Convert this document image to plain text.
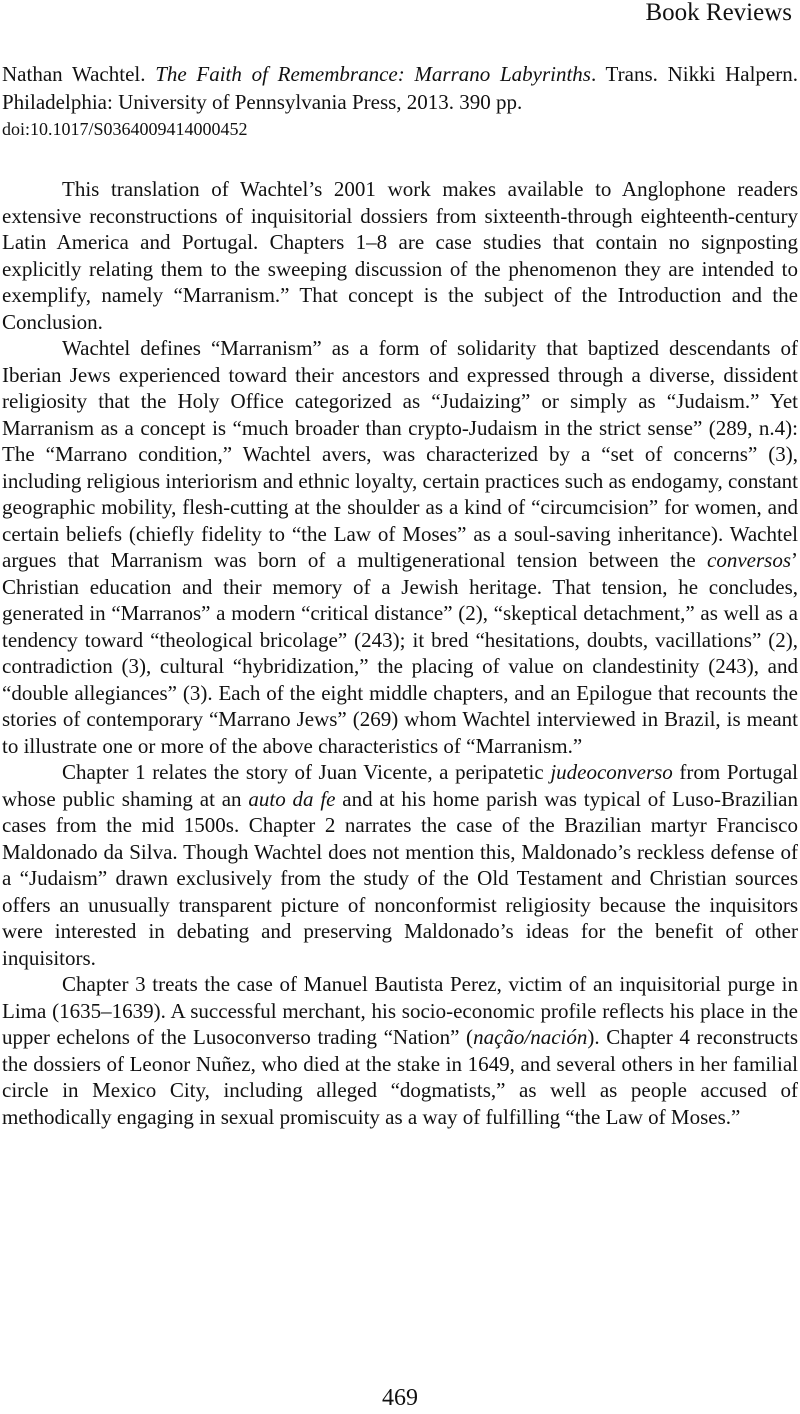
Book Reviews
Nathan Wachtel. The Faith of Remembrance: Marrano Labyrinths. Trans. Nikki Halpern. Philadelphia: University of Pennsylvania Press, 2013. 390 pp.
doi:10.1017/S0364009414000452

This translation of Wachtel’s 2001 work makes available to Anglophone readers extensive reconstructions of inquisitorial dossiers from sixteenth-through eighteenth-century Latin America and Portugal. Chapters 1–8 are case studies that contain no signposting explicitly relating them to the sweeping discussion of the phenomenon they are intended to exemplify, namely “Marranism.” That concept is the subject of the Introduction and the Conclusion.

Wachtel defines “Marranism” as a form of solidarity that baptized descendants of Iberian Jews experienced toward their ancestors and expressed through a diverse, dissident religiosity that the Holy Office categorized as “Judaizing” or simply as “Judaism.” Yet Marranism as a concept is “much broader than crypto-Judaism in the strict sense” (289, n.4): The “Marrano condition,” Wachtel avers, was characterized by a “set of concerns” (3), including religious interiorism and ethnic loyalty, certain practices such as endogamy, constant geographic mobility, flesh-cutting at the shoulder as a kind of “circumcision” for women, and certain beliefs (chiefly fidelity to “the Law of Moses” as a soul-saving inheritance). Wachtel argues that Marranism was born of a multigenerational tension between the conversos’ Christian education and their memory of a Jewish heritage. That tension, he concludes, generated in “Marranos” a modern “critical distance” (2), “skeptical detachment,” as well as a tendency toward “theological bricolage” (243); it bred “hesitations, doubts, vacillations” (2), contradiction (3), cultural “hybridization,” the placing of value on clandestinity (243), and “double allegiances” (3). Each of the eight middle chapters, and an Epilogue that recounts the stories of contemporary “Marrano Jews” (269) whom Wachtel interviewed in Brazil, is meant to illustrate one or more of the above characteristics of “Marranism.”

Chapter 1 relates the story of Juan Vicente, a peripatetic judeoconverso from Portugal whose public shaming at an auto da fe and at his home parish was typical of Luso-Brazilian cases from the mid 1500s. Chapter 2 narrates the case of the Brazilian martyr Francisco Maldonado da Silva. Though Wachtel does not mention this, Maldonado’s reckless defense of a “Judaism” drawn exclusively from the study of the Old Testament and Christian sources offers an unusually transparent picture of nonconformist religiosity because the inquisitors were interested in debating and preserving Maldonado’s ideas for the benefit of other inquisitors.

Chapter 3 treats the case of Manuel Bautista Perez, victim of an inquisitorial purge in Lima (1635–1639). A successful merchant, his socio-economic profile reflects his place in the upper echelons of the Lusoconverso trading “Nation” (nação/nación). Chapter 4 reconstructs the dossiers of Leonor Nuñez, who died at the stake in 1649, and several others in her familial circle in Mexico City, including alleged “dogmatists,” as well as people accused of methodically engaging in sexual promiscuity as a way of fulfilling “the Law of Moses.”

469
